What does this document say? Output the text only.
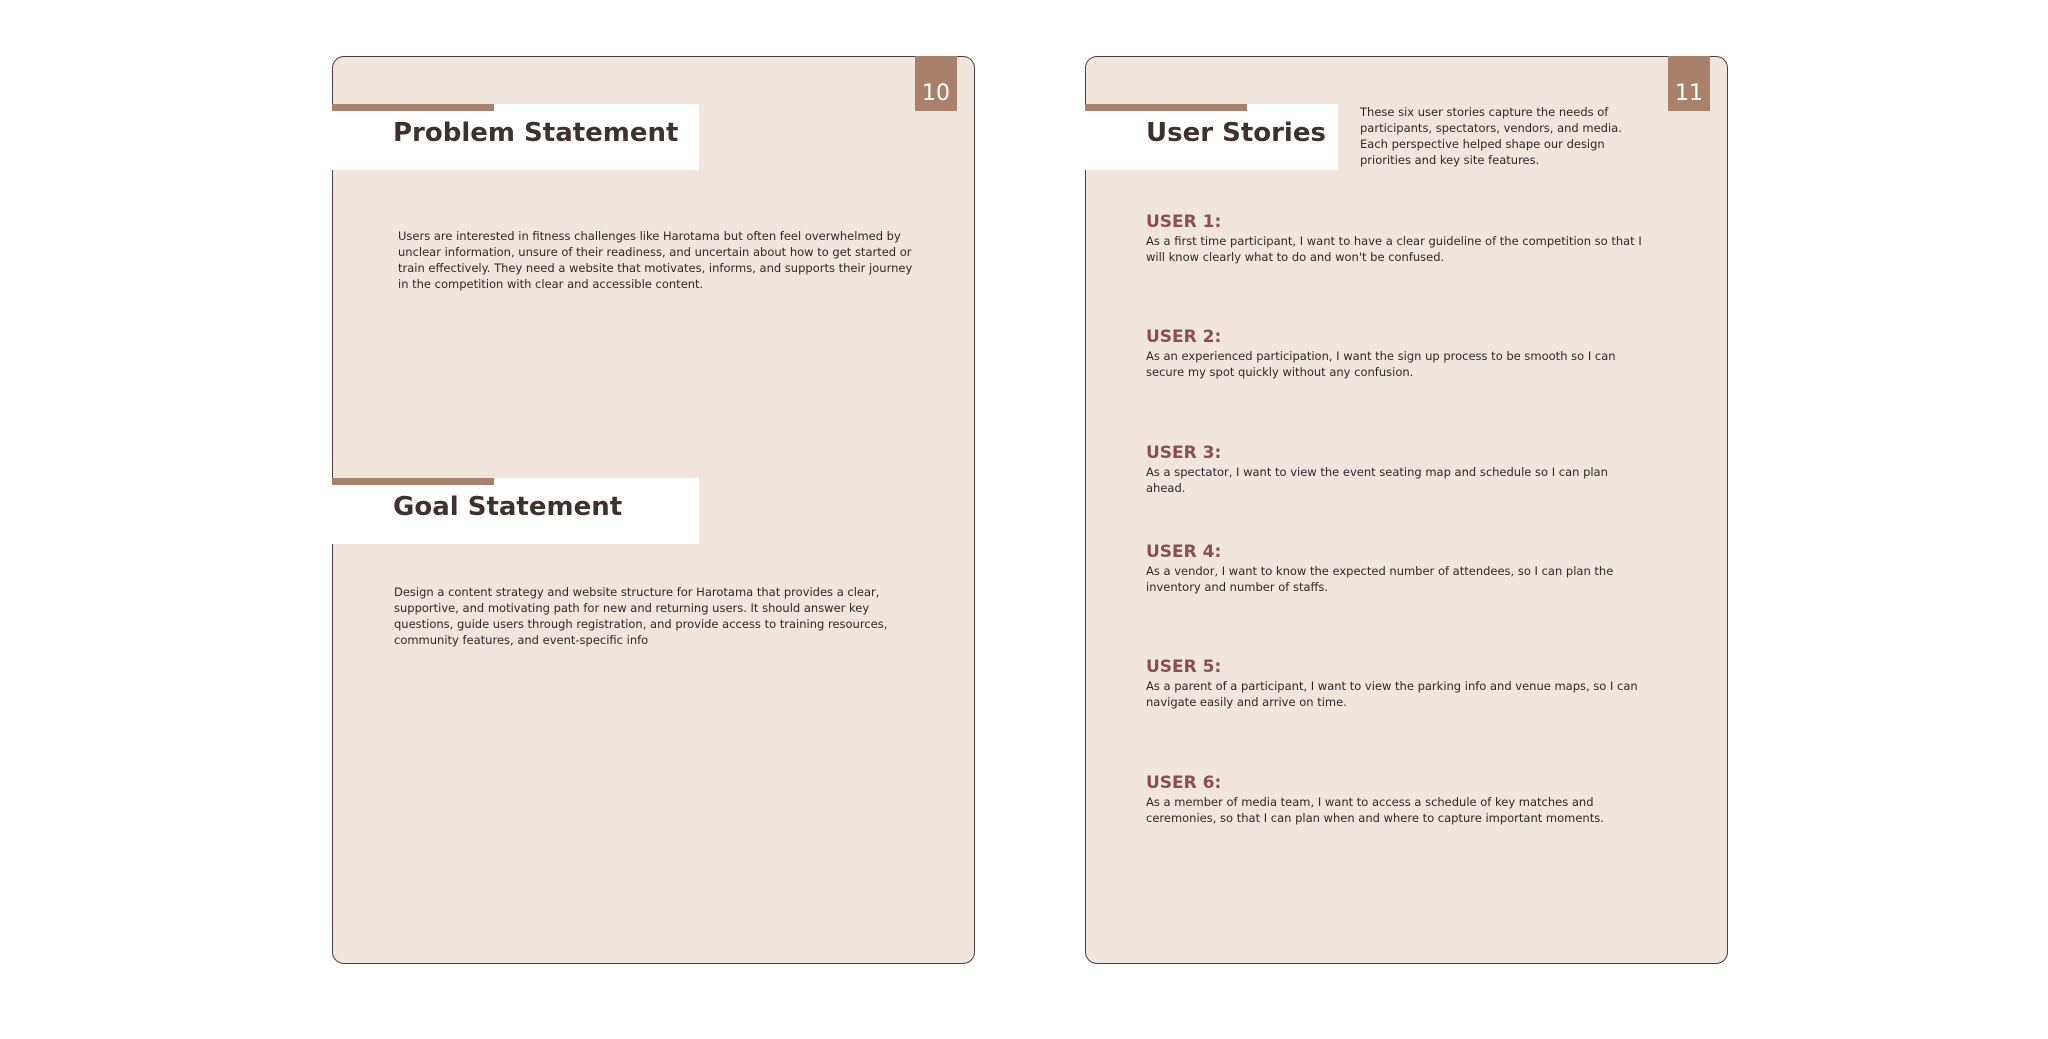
10
Problem Statement
Users are interested in fitness challenges like Harotama but often feel overwhelmed by unclear information, unsure of their readiness, and uncertain about how to get started or train effectively. They need a website that motivates, informs, and supports their journey in the competition with clear and accessible content.
Goal Statement
Design a content strategy and website structure for Harotama that provides a clear, supportive, and motivating path for new and returning users. It should answer key questions, guide users through registration, and provide access to training resources, community features, and event-specific info
11
User Stories
These six user stories capture the needs of participants, spectators, vendors, and media. Each perspective helped shape our design priorities and key site features.
USER 1:
As a first time participant, I want to have a clear guideline of the competition so that I will know clearly what to do and won't be confused.
USER 2:
As an experienced participation, I want the sign up process to be smooth so I can secure my spot quickly without any confusion.
USER 3:
As a spectator, I want to view the event seating map and schedule so I can plan ahead.
USER 4:
As a vendor, I want to know the expected number of attendees, so I can plan the inventory and number of staffs.
USER 5:
As a parent of a participant, I want to view the parking info and venue maps, so I can navigate easily and arrive on time.
USER 6:
As a member of media team, I want to access a schedule of key matches and ceremonies, so that I can plan when and where to capture important moments.
